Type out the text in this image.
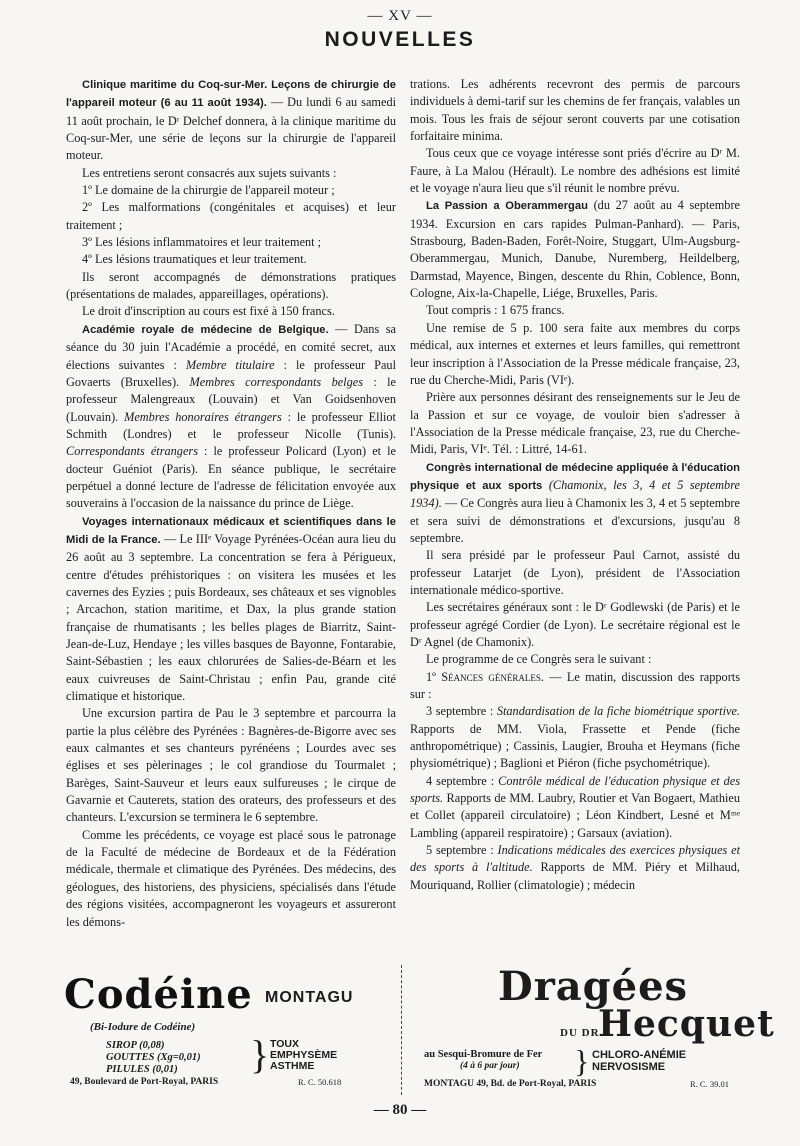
— XV —
NOUVELLES

Clinique maritime du Coq-sur-Mer. Leçons de chirurgie de l'appareil moteur (6 au 11 août 1934). — Du lundi 6 au samedi 11 août prochain, le Dʳ Delchef donnera, à la clinique maritime du Coq-sur-Mer, une série de leçons sur la chirurgie de l'appareil moteur.

Les entretiens seront consacrés aux sujets suivants :

1º Le domaine de la chirurgie de l'appareil moteur ;

2º Les malformations (congénitales et acquises) et leur traitement ;

3º Les lésions inflammatoires et leur traitement ;

4º Les lésions traumatiques et leur traitement.

Ils seront accompagnés de démonstrations pratiques (présentations de malades, appareillages, opérations).

Le droit d'inscription au cours est fixé à 150 francs.

Académie royale de médecine de Belgique. — Dans sa séance du 30 juin l'Académie a procédé, en comité secret, aux élections suivantes : Membre titulaire : le professeur Paul Govaerts (Bruxelles). Membres correspondants belges : le professeur Malengreaux (Louvain) et Van Goidsenhoven (Louvain). Membres honoraires étrangers : le professeur Elliot Schmith (Londres) et le professeur Nicolle (Tunis). Correspondants étrangers : le professeur Policard (Lyon) et le docteur Guéniot (Paris). En séance publique, le secrétaire perpétuel a donné lecture de l'adresse de félicitation envoyée aux souverains à l'occasion de la naissance du prince de Liège.

Voyages internationaux médicaux et scientifiques dans le Midi de la France. — Le IIIᵉ Voyage Pyrénées-Océan aura lieu du 26 août au 3 septembre. La concentration se fera à Périgueux, centre d'études préhistoriques : on visitera les musées et les cavernes des Eyzies ; puis Bordeaux, ses châteaux et ses vignobles ; Arcachon, station maritime, et Dax, la plus grande station française de rhumatisants ; les belles plages de Biarritz, Saint-Jean-de-Luz, Hendaye ; les villes basques de Bayonne, Fontarabie, Saint-Sébastien ; les eaux chlorurées de Salies-de-Béarn et les eaux cuivreuses de Saint-Christau ; enfin Pau, grande cité climatique et historique.

Une excursion partira de Pau le 3 septembre et parcourra la partie la plus célèbre des Pyrénées : Bagnères-de-Bigorre avec ses eaux calmantes et ses chanteurs pyrénéens ; Lourdes avec ses églises et ses pèlerinages ; le col grandiose du Tourmalet ; Barèges, Saint-Sauveur et leurs eaux sulfureuses ; le cirque de Gavarnie et Cauterets, station des orateurs, des professeurs et des chanteurs. L'excursion se terminera le 6 septembre.

Comme les précédents, ce voyage est placé sous le patronage de la Faculté de médecine de Bordeaux et de la Fédération médicale, thermale et climatique des Pyrénées. Des médecins, des géologues, des historiens, des physiciens, spécialisés dans l'étude des régions visitées, accompagneront les voyageurs et assureront les démons-

trations. Les adhérents recevront des permis de parcours individuels à demi-tarif sur les chemins de fer français, valables un mois. Tous les frais de séjour seront couverts par une cotisation forfaitaire minima.

Tous ceux que ce voyage intéresse sont priés d'écrire au Dʳ M. Faure, à La Malou (Hérault). Le nombre des adhésions est limité et le voyage n'aura lieu que s'il réunit le nombre prévu.

La Passion a Oberammergau (du 27 août au 4 septembre 1934. Excursion en cars rapides Pulman-Panhard). — Paris, Strasbourg, Baden-Baden, Forêt-Noire, Stuggart, Ulm-Augsburg-Oberammergau, Munich, Danube, Nuremberg, Heildelberg, Darmstad, Mayence, Bingen, descente du Rhin, Coblence, Bonn, Cologne, Aix-la-Chapelle, Liége, Bruxelles, Paris.

Tout compris : 1 675 francs.

Une remise de 5 p. 100 sera faite aux membres du corps médical, aux internes et externes et leurs familles, qui remettront leur inscription à l'Association de la Presse médicale française, 23, rue du Cherche-Midi, Paris (VIᵉ).

Prière aux personnes désirant des renseignements sur le Jeu de la Passion et sur ce voyage, de vouloir bien s'adresser à l'Association de la Presse médicale française, 23, rue du Cherche-Midi, Paris, VIᵉ. Tél. : Littré, 14-61.

Congrès international de médecine appliquée à l'éducation physique et aux sports (Chamonix, les 3, 4 et 5 septembre 1934). — Ce Congrès aura lieu à Chamonix les 3, 4 et 5 septembre et sera suivi de démonstrations et d'excursions, jusqu'au 8 septembre.

Il sera présidé par le professeur Paul Carnot, assisté du professeur Latarjet (de Lyon), président de l'Association internationale médico-sportive.

Les secrétaires généraux sont : le Dʳ Godlewski (de Paris) et le professeur agrégé Cordier (de Lyon). Le secrétaire régional est le Dʳ Agnel (de Chamonix).

Le programme de ce Congrès sera le suivant :

1º Séances générales. — Le matin, discussion des rapports sur :

3 septembre : Standardisation de la fiche biométrique sportive. Rapports de MM. Viola, Frassette et Pende (fiche anthropométrique) ; Cassinis, Laugier, Brouha et Heymans (fiche physiométrique) ; Baglioni et Piéron (fiche psychométrique).

4 septembre : Contrôle médical de l'éducation physique et des sports. Rapports de MM. Laubry, Routier et Van Bogaert, Mathieu et Collet (appareil circulatoire) ; Léon Kindbert, Lesné et Mᵐᵉ Lambling (appareil respiratoire) ; Garsaux (aviation).

5 septembre : Indications médicales des exercices physiques et des sports à l'altitude. Rapports de MM. Piéry et Milhaud, Mouriquand, Rollier (climatologie) ; médecin

Codéine MONTAGU
(Bi-Iodure de Codéine)
SIROP (0,08)
GOUTTES (Xg=0,01)
PILULES (0,01)	} TOUX
EMPHYSÈME
ASTHME
49, Boulevard de Port-Royal, PARIS	R. C. 50.618
Dragées
DU DR.
Hecquet
au Sesqui-Bromure de Fer
(4 à 6 par jour) } CHLORO-ANÉMIE
NERVOSISME
MONTAGU 49, Bd. de Port-Royal, PARIS	R. C. 39.01
— 80 —
